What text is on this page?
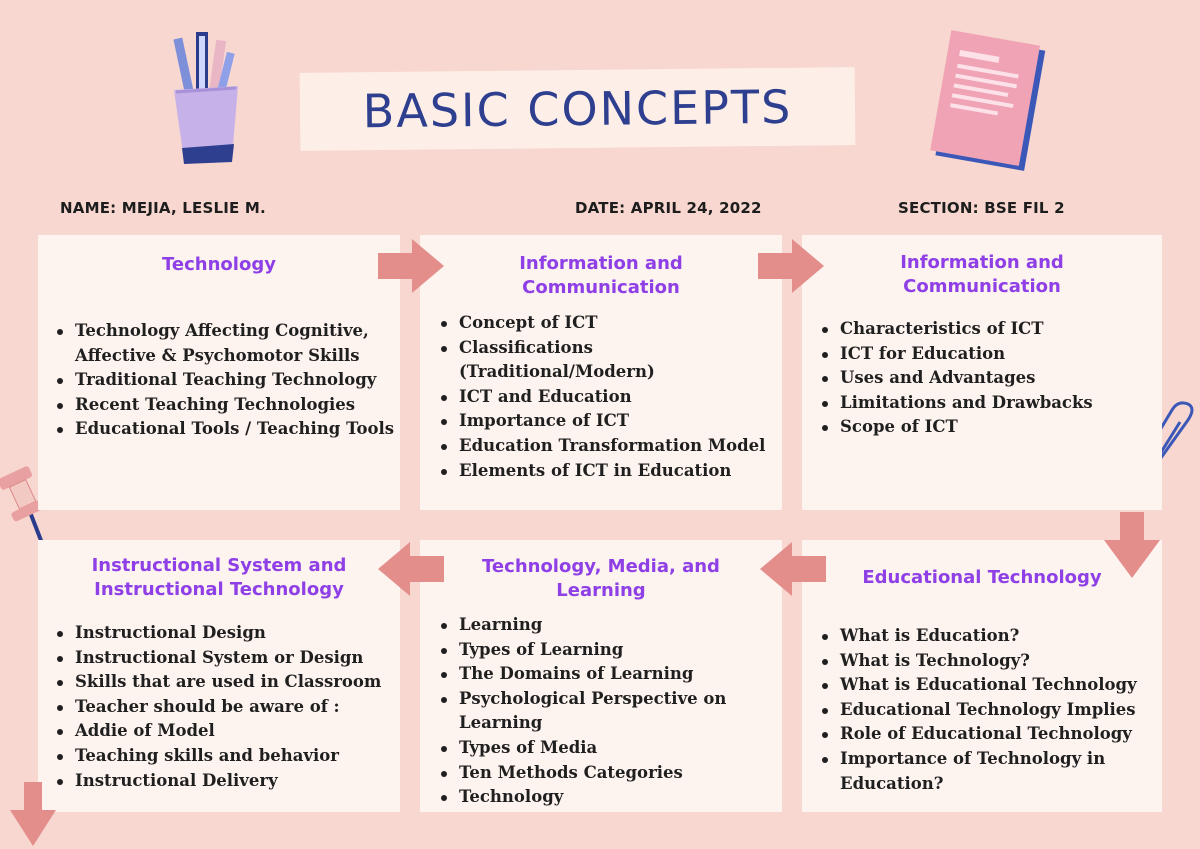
BASIC CONCEPTS
NAME: MEJIA, LESLIE M.	DATE: APRIL 24, 2022	SECTION: BSE FIL 2

Technology

Technology Affecting Cognitive, Affective & Psychomotor Skills
Traditional Teaching Technology
Recent Teaching Technologies
Educational Tools / Teaching Tools

Information and Communication

Concept of ICT
Classifications (Traditional/Modern)
ICT and Education
Importance of ICT
Education Transformation Model
Elements of ICT in Education

Information and Communication

Characteristics of ICT
ICT for Education
Uses and Advantages
Limitations and Drawbacks
Scope of ICT

Instructional System and Instructional Technology

Instructional Design
Instructional System or Design
Skills that are used in Classroom
Teacher should be aware of :
Addie of Model
Teaching skills and behavior
Instructional Delivery

Technology, Media, and Learning

Learning
Types of Learning
The Domains of Learning
Psychological Perspective on Learning
Types of Media
Ten Methods Categories
Technology

Educational Technology

What is Education?
What is Technology?
What is Educational Technology
Educational Technology Implies
Role of Educational Technology
Importance of Technology in Education?
